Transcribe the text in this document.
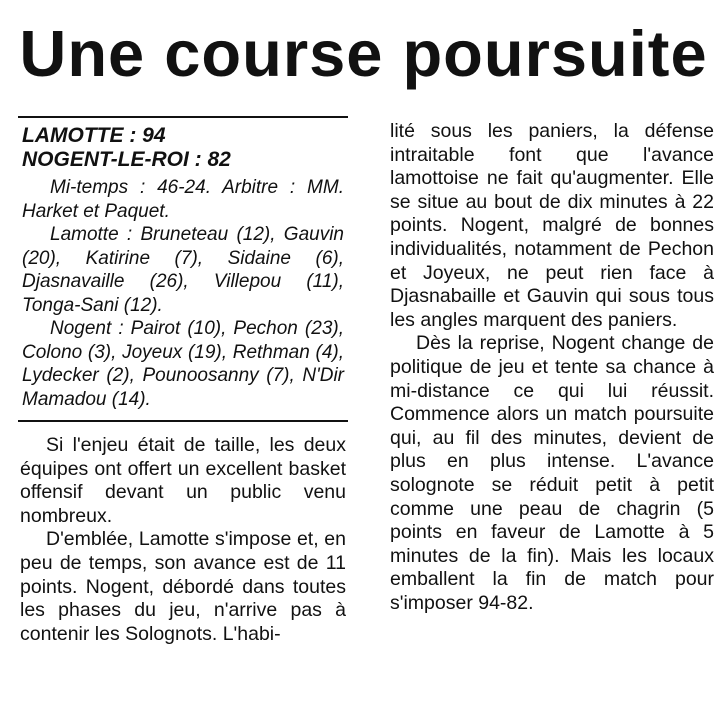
Une course poursuite
LAMOTTE : 94
NOGENT-LE-ROI : 82

Mi-temps : 46-24. Arbitre : MM. Harket et Paquet.

Lamotte : Bruneteau (12), Gauvin (20), Katirine (7), Sidaine (6), Djasnavaille (26), Villepou (11), Tonga-Sani (12).

Nogent : Pairot (10), Pechon (23), Colono (3), Joyeux (19), Rethman (4), Lydecker (2), Pounoosanny (7), N'Dir Mamadou (14).

Si l'enjeu était de taille, les deux équipes ont offert un excellent basket offensif devant un public venu nombreux.

D'emblée, Lamotte s'impose et, en peu de temps, son avance est de 11 points. Nogent, débordé dans toutes les phases du jeu, n'arrive pas à contenir les Solognots. L'habi-

lité sous les paniers, la défense intraitable font que l'avance lamottoise ne fait qu'augmenter. Elle se situe au bout de dix minutes à 22 points. Nogent, malgré de bonnes individualités, notamment de Pechon et Joyeux, ne peut rien face à Djasnabaille et Gauvin qui sous tous les angles marquent des paniers.

Dès la reprise, Nogent change de politique de jeu et tente sa chance à mi-distance ce qui lui réussit. Commence alors un match poursuite qui, au fil des minutes, devient de plus en plus intense. L'avance solognote se réduit petit à petit comme une peau de chagrin (5 points en faveur de Lamotte à 5 minutes de la fin). Mais les locaux emballent la fin de match pour s'imposer 94-82.
